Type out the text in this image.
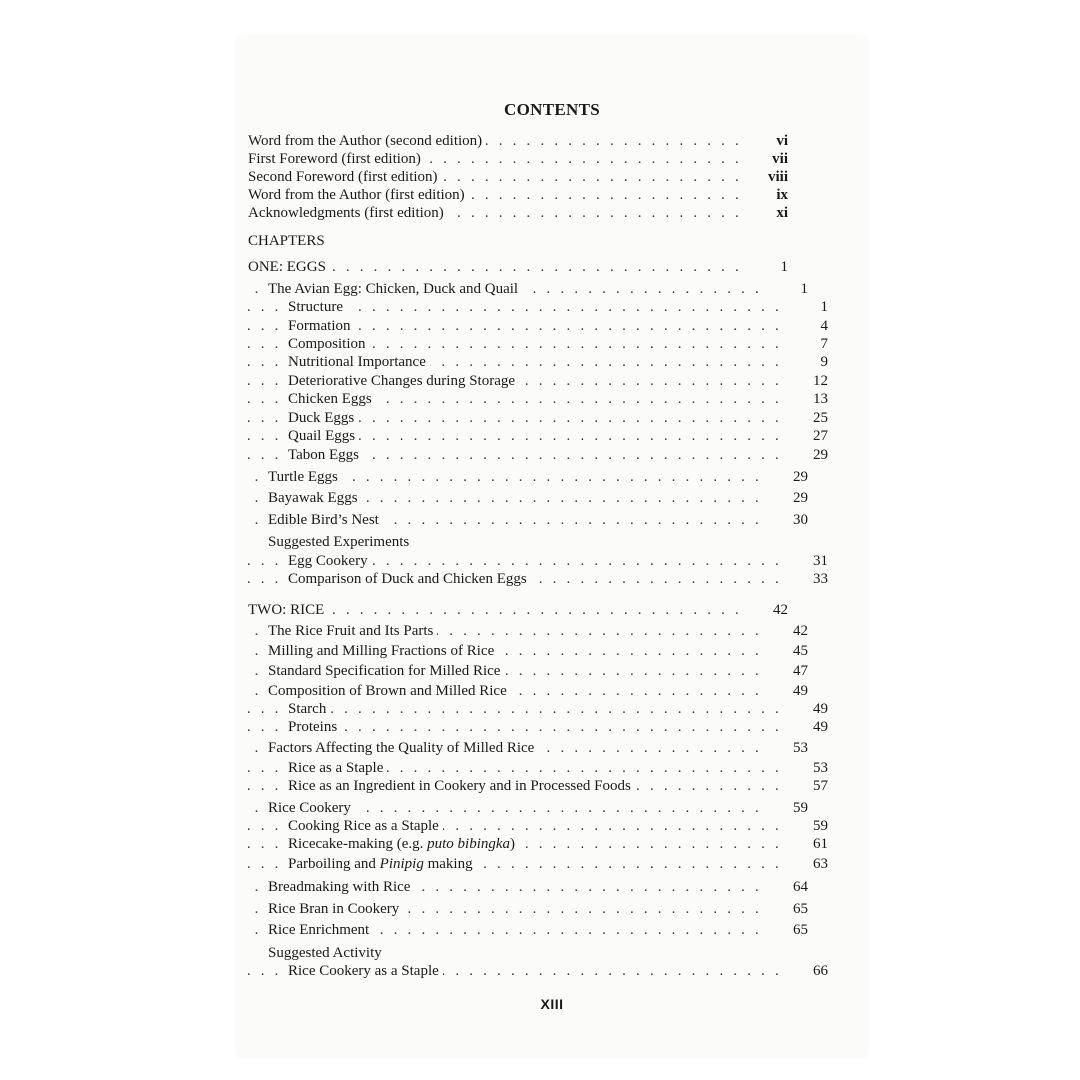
CONTENTS
Word from the Author (second edition)	vi
. . .
First Foreword (first edition)	vii
. . .
Second Foreword (first edition)	viii
. . .
Word from the Author (first edition)	ix
. . .
Acknowledgments (first edition)	xi
. . .
CHAPTERS
ONE: EGGS	1
. . .
The Avian Egg: Chicken, Duck and Quail	1
. . .
Structure	1
. . .
Formation	4
. . .
Composition	7
. . .
Nutritional Importance	9
. . .
Deteriorative Changes during Storage	12
. . .
Chicken Eggs	13
. . .
Duck Eggs	25
. . .
Quail Eggs	27
. . .
Tabon Eggs	29
. . .
Turtle Eggs	29
. . .
Bayawak Eggs	29
. . .
Edible Bird’s Nest	30
. . .
Suggested Experiments
Egg Cookery	31
. . .
Comparison of Duck and Chicken Eggs	33
. . .
TWO: RICE	42
. . .
The Rice Fruit and Its Parts	42
. . .
Milling and Milling Fractions of Rice	45
. . .
Standard Specification for Milled Rice	47
. . .
Composition of Brown and Milled Rice	49
. . .
Starch	49
. . .
Proteins	49
. . .
Factors Affecting the Quality of Milled Rice	53
. . .
Rice as a Staple	53
. . .
Rice as an Ingredient in Cookery and in Processed Foods	57
. . .
Rice Cookery	59
. . .
Cooking Rice as a Staple	59
. . .
Ricecake-making (e.g. puto bibingka)	61
. . .
Parboiling and Pinipig making	63
. . .
Breadmaking with Rice	64
. . .
Rice Bran in Cookery	65
. . .
Rice Enrichment	65
. . .
Suggested Activity
Rice Cookery as a Staple	66
. . .
XIII
